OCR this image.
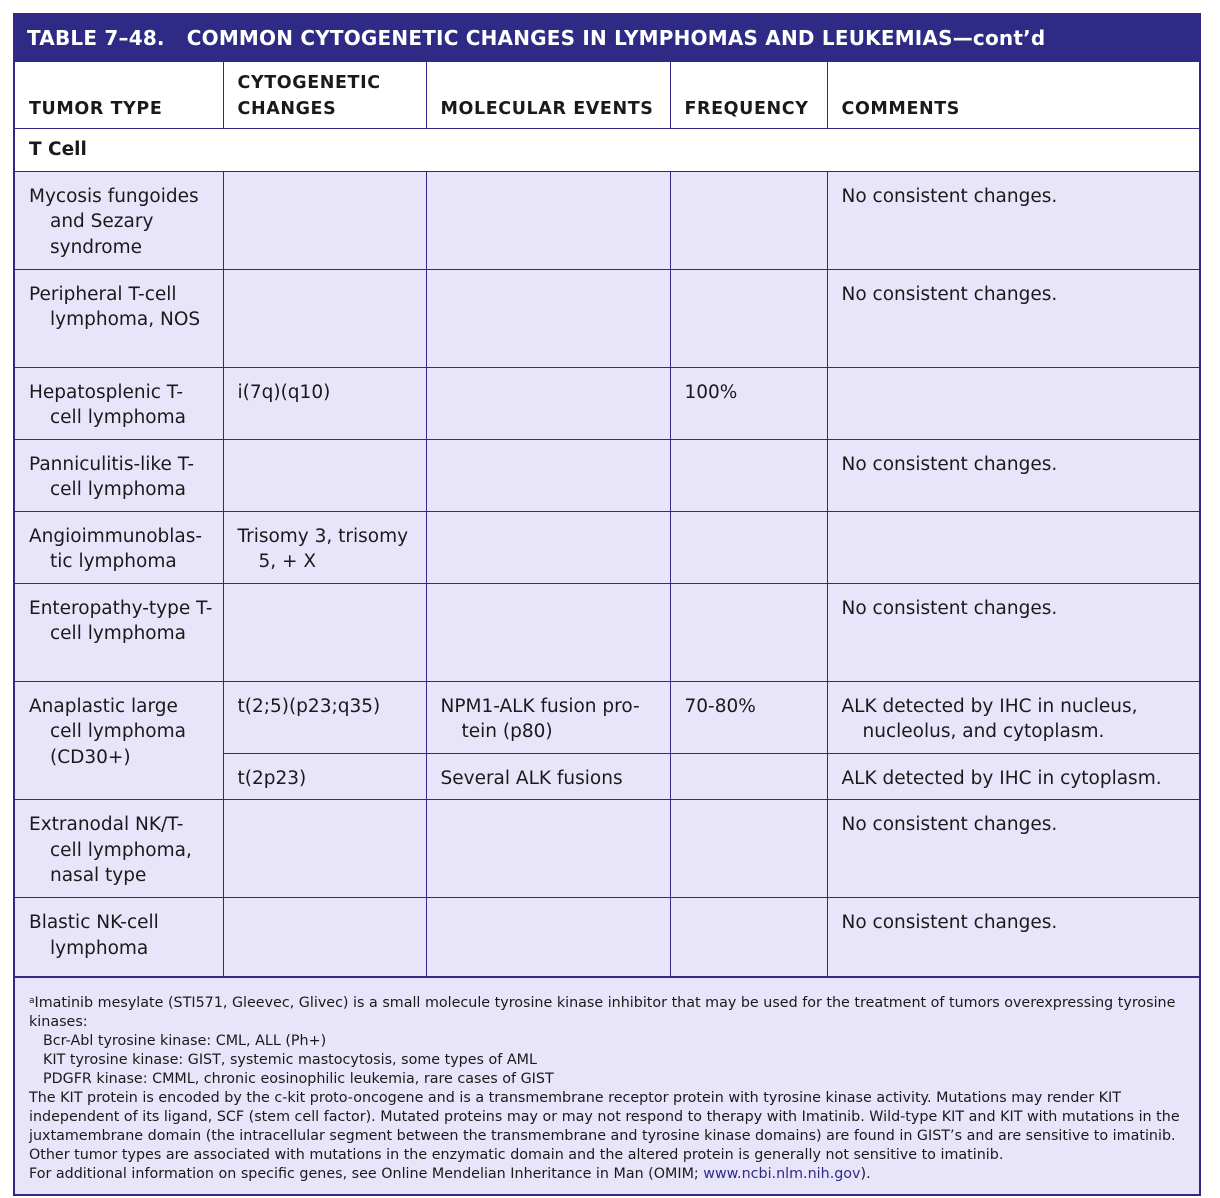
TABLE 7–48. COMMON CYTOGENETIC CHANGES IN LYMPHOMAS AND LEUKEMIAS—cont’d
TUMOR TYPE	CYTOGENETIC CHANGES	MOLECULAR EVENTS	FREQUENCY	COMMENTS
T Cell				

Mycosis fungoides and Sezary syndrome				No consistent changes.

Peripheral T-cell lymphoma, NOS				No consistent changes.

Hepatosplenic T-cell lymphoma	i(7q)(q10)		100%	

Panniculitis-like T-cell lymphoma				No consistent changes.

Angioimmunoblas-tic lymphoma	Trisomy 3, trisomy 5, + X			

Enteropathy-type T-cell lymphoma				No consistent changes.

Anaplastic large cell lymphoma (CD30+)	t(2;5)(p23;q35)	NPM1-ALK fusion pro-tein (p80)	70-80%	ALK detected by IHC in nucleus, nucleolus, and cytoplasm.

	t(2p23)	Several ALK fusions		ALK detected by IHC in cytoplasm.

Extranodal NK/T-cell lymphoma, nasal type				No consistent changes.

Blastic NK-cell lymphoma				No consistent changes.
$^a$Imatinib mesylate (STI571, Gleevec, Glivec) is a small molecule tyrosine kinase inhibitor that may be used for the treatment of tumors overexpressing tyrosine kinases:
Bcr-Abl tyrosine kinase: CML, ALL (Ph+)
KIT tyrosine kinase: GIST, systemic mastocytosis, some types of AML
PDGFR kinase: CMML, chronic eosinophilic leukemia, rare cases of GIST
The KIT protein is encoded by the c-kit proto-oncogene and is a transmembrane receptor protein with tyrosine kinase activity. Mutations may render KIT independent of its ligand, SCF (stem cell factor). Mutated proteins may or may not respond to therapy with Imatinib. Wild-type KIT and KIT with mutations in the juxtamembrane domain (the intracellular segment between the transmembrane and tyrosine kinase domains) are found in GIST’s and are sensitive to imatinib. Other tumor types are associated with mutations in the enzymatic domain and the altered protein is generally not sensitive to imatinib.
For additional information on specific genes, see Online Mendelian Inheritance in Man (OMIM; www.ncbi.nlm.nih.gov).
